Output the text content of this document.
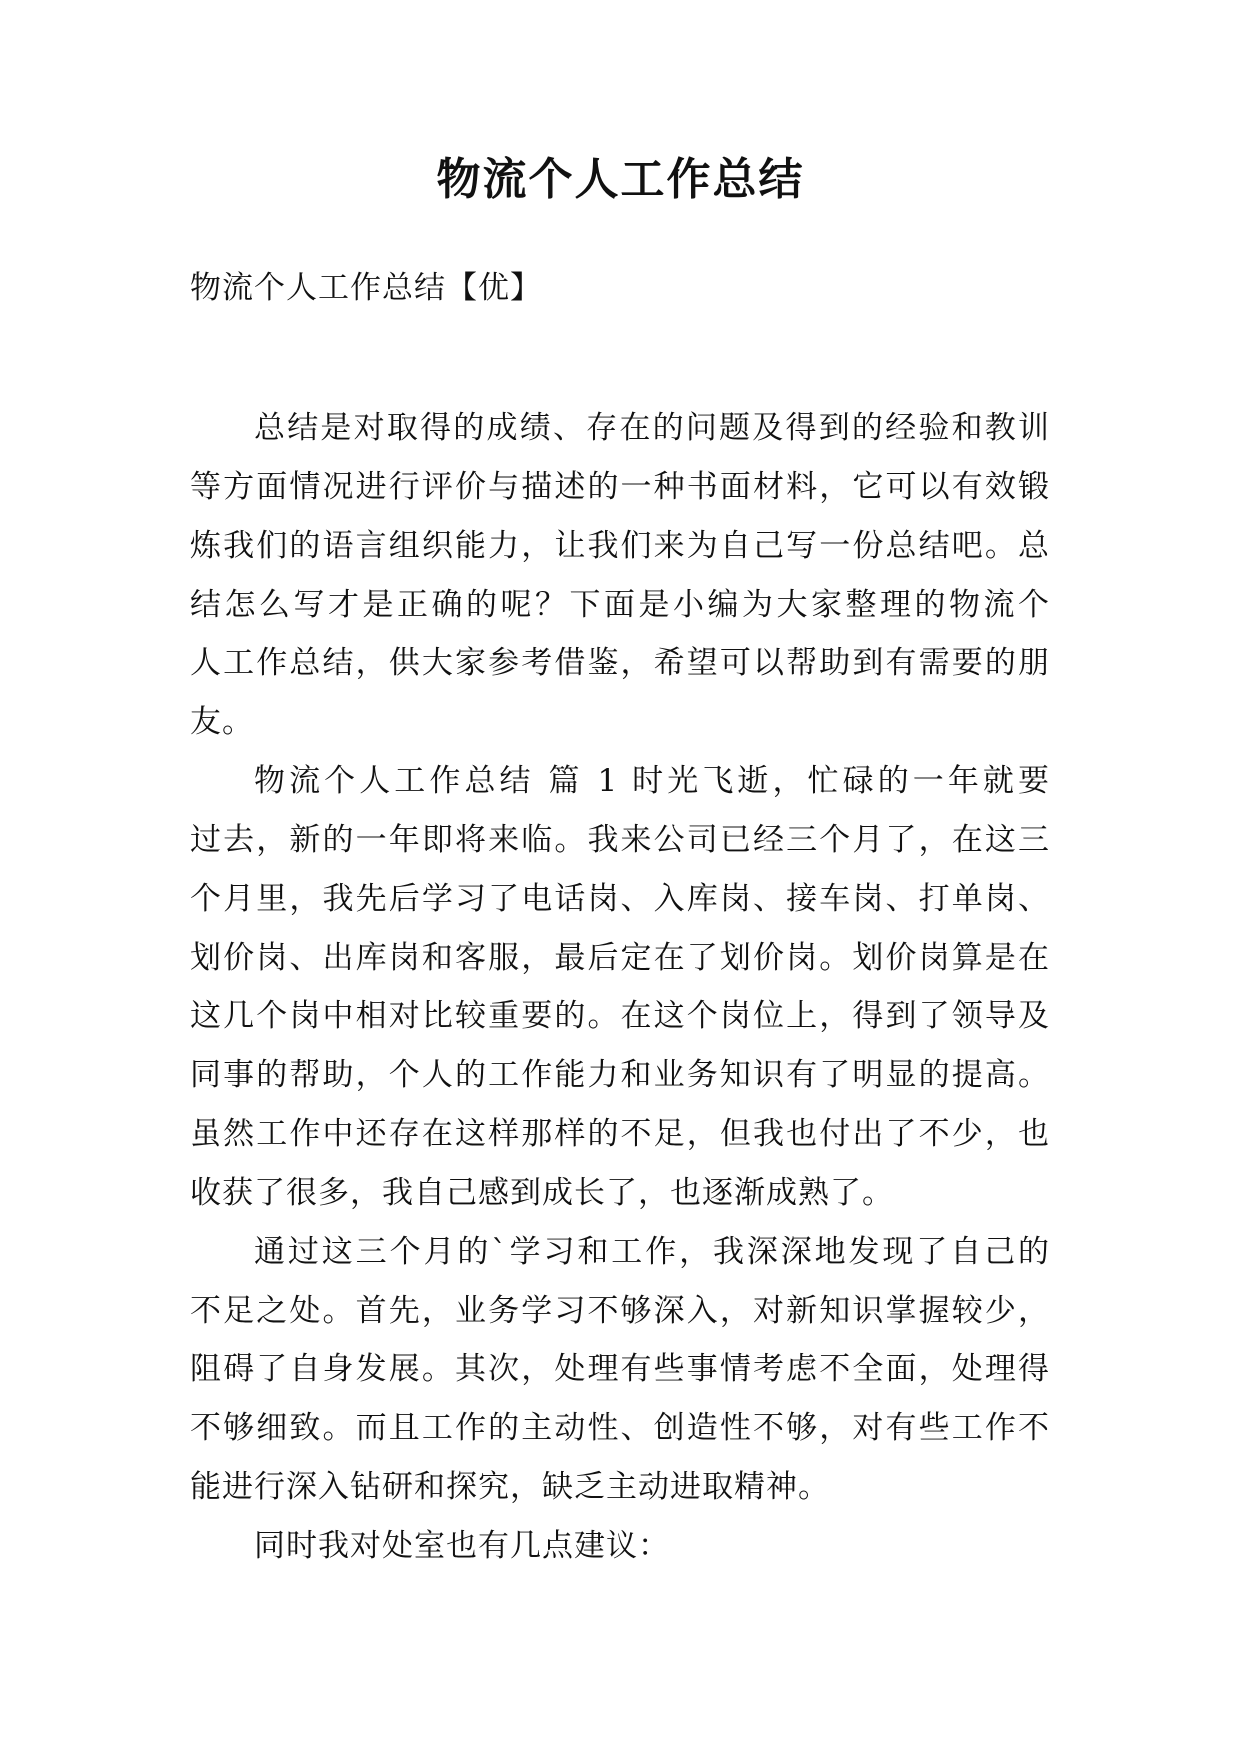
物流个人工作总结
物流个人工作总结【优】
总结是对取得的成绩、存在的问题及得到的经验和教训
等方面情况进行评价与描述的一种书面材料，它可以有效锻
炼我们的语言组织能力，让我们来为自己写一份总结吧。总
结怎么写才是正确的呢？下面是小编为大家整理的物流个
人工作总结，供大家参考借鉴，希望可以帮助到有需要的朋
友。
物流个人工作总结 篇 1 时光飞逝，忙碌的一年就要
过去，新的一年即将来临。我来公司已经三个月了，在这三
个月里，我先后学习了电话岗、入库岗、接车岗、打单岗、
划价岗、出库岗和客服，最后定在了划价岗。划价岗算是在
这几个岗中相对比较重要的。在这个岗位上，得到了领导及
同事的帮助，个人的工作能力和业务知识有了明显的提高。
虽然工作中还存在这样那样的不足，但我也付出了不少，也
收获了很多，我自己感到成长了，也逐渐成熟了。
通过这三个月的`学习和工作，我深深地发现了自己的
不足之处。首先，业务学习不够深入，对新知识掌握较少，
阻碍了自身发展。其次，处理有些事情考虑不全面，处理得
不够细致。而且工作的主动性、创造性不够，对有些工作不
能进行深入钻研和探究，缺乏主动进取精神。
同时我对处室也有几点建议：
